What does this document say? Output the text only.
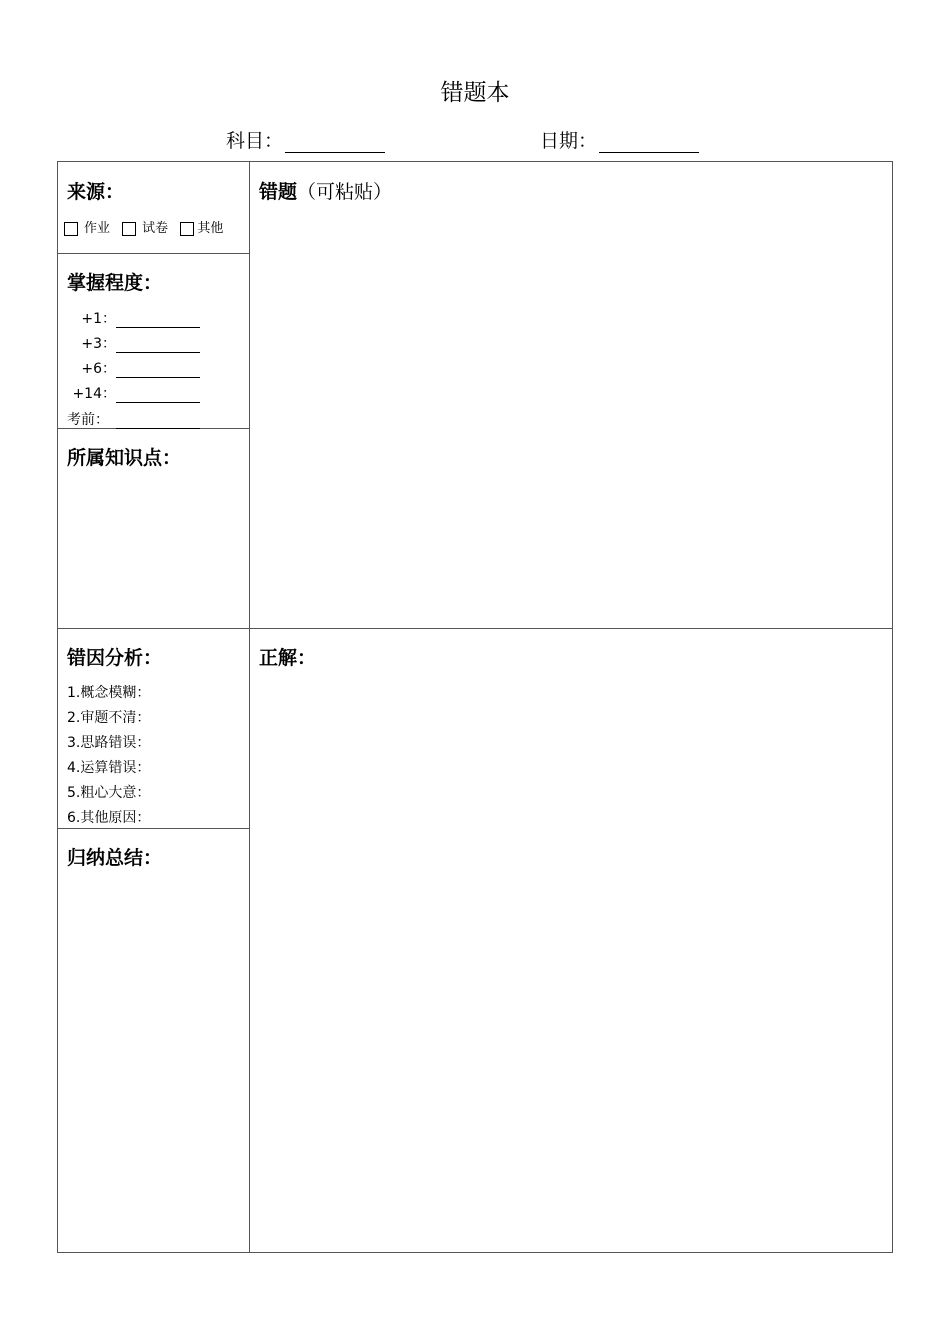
错题本
科目：	日期：
来源：
作业 试卷 其他
掌握程度：
+1：
+3：
+6：
+14：
考前：
所属知识点：
错题（可粘贴）
错因分析：
1.概念模糊：
2.审题不清：
3.思路错误：
4.运算错误：
5.粗心大意：
6.其他原因：
正解：
归纳总结：
